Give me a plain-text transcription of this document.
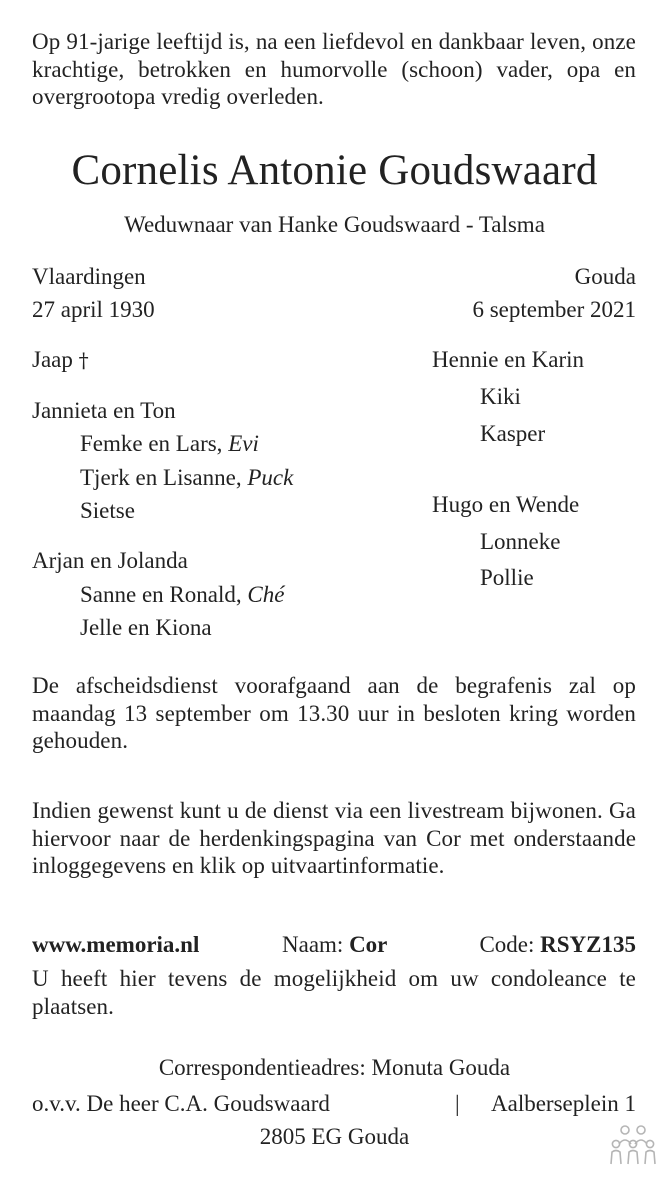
Op 91-jarige leeftijd is, na een liefdevol en dankbaar leven, onze krachtige, betrokken en humorvolle (schoon) vader, opa en overgrootopa vredig overleden.
Cornelis Antonie Goudswaard
Weduwnaar van Hanke Goudswaard - Talsma
Vlaardingen	Gouda
27 april 1930	6 september 2021
Jaap †
Jannieta en Ton
Femke en Lars, Evi
Tjerk en Lisanne, Puck
Sietse
Arjan en Jolanda
Sanne en Ronald, Ché
Jelle en Kiona
Hennie en Karin
Kiki
Kasper
Hugo en Wende
Lonneke
Pollie
De afscheidsdienst voorafgaand aan de begrafenis zal op maandag 13 september om 13.30 uur in besloten kring worden gehouden.
Indien gewenst kunt u de dienst via een livestream bijwonen. Ga hiervoor naar de herdenkingspagina van Cor met onderstaande inloggegevens en klik op uitvaartinformatie.
www.memoria.nl	Naam: Cor	Code: RSYZ135
U heeft hier tevens de mogelijkheid om uw condoleance te plaatsen.
Correspondentieadres: Monuta Gouda
o.v.v. De heer C.A. Goudswaard	| Aalberseplein 1
2805 EG Gouda
